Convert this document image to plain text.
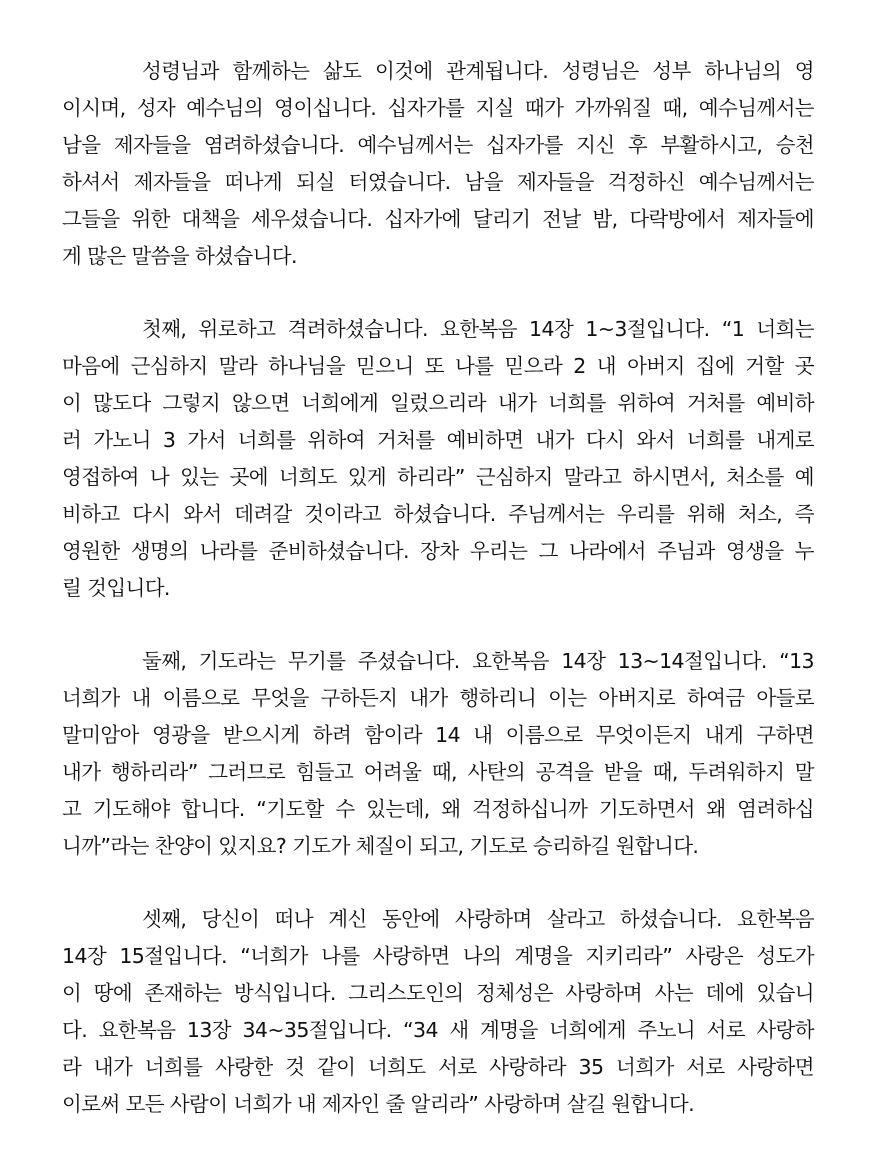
성령님과 함께하는 삶도 이것에 관계됩니다. 성령님은 성부 하나님의 영
이시며, 성자 예수님의 영이십니다. 십자가를 지실 때가 가까워질 때, 예수님께서는
남을 제자들을 염려하셨습니다. 예수님께서는 십자가를 지신 후 부활하시고, 승천
하셔서 제자들을 떠나게 되실 터였습니다. 남을 제자들을 걱정하신 예수님께서는
그들을 위한 대책을 세우셨습니다. 십자가에 달리기 전날 밤, 다락방에서 제자들에
게 많은 말씀을 하셨습니다.
첫째, 위로하고 격려하셨습니다. 요한복음 14장 1~3절입니다. “1 너희는
마음에 근심하지 말라 하나님을 믿으니 또 나를 믿으라 2 내 아버지 집에 거할 곳
이 많도다 그렇지 않으면 너희에게 일렀으리라 내가 너희를 위하여 거처를 예비하
러 가노니 3 가서 너희를 위하여 거처를 예비하면 내가 다시 와서 너희를 내게로
영접하여 나 있는 곳에 너희도 있게 하리라” 근심하지 말라고 하시면서, 처소를 예
비하고 다시 와서 데려갈 것이라고 하셨습니다. 주님께서는 우리를 위해 처소, 즉
영원한 생명의 나라를 준비하셨습니다. 장차 우리는 그 나라에서 주님과 영생을 누
릴 것입니다.
둘째, 기도라는 무기를 주셨습니다. 요한복음 14장 13~14절입니다. “13
너희가 내 이름으로 무엇을 구하든지 내가 행하리니 이는 아버지로 하여금 아들로
말미암아 영광을 받으시게 하려 함이라 14 내 이름으로 무엇이든지 내게 구하면
내가 행하리라” 그러므로 힘들고 어려울 때, 사탄의 공격을 받을 때, 두려워하지 말
고 기도해야 합니다. “기도할 수 있는데, 왜 걱정하십니까 기도하면서 왜 염려하십
니까”라는 찬양이 있지요? 기도가 체질이 되고, 기도로 승리하길 원합니다.
셋째, 당신이 떠나 계신 동안에 사랑하며 살라고 하셨습니다. 요한복음
14장 15절입니다. “너희가 나를 사랑하면 나의 계명을 지키리라” 사랑은 성도가
이 땅에 존재하는 방식입니다. 그리스도인의 정체성은 사랑하며 사는 데에 있습니
다. 요한복음 13장 34~35절입니다. “34 새 계명을 너희에게 주노니 서로 사랑하
라 내가 너희를 사랑한 것 같이 너희도 서로 사랑하라 35 너희가 서로 사랑하면
이로써 모든 사람이 너희가 내 제자인 줄 알리라” 사랑하며 살길 원합니다.
